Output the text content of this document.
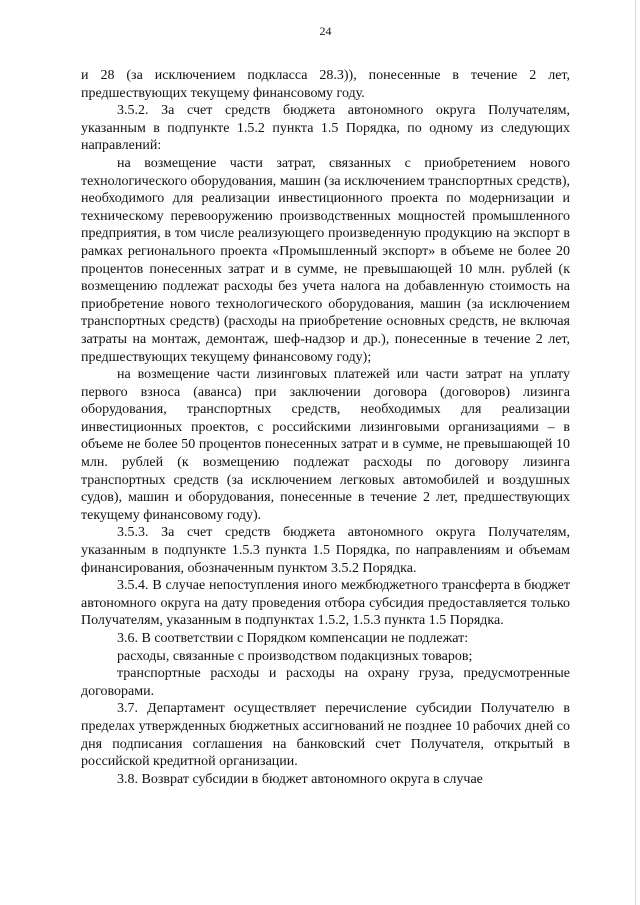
24

и 28 (за исключением подкласса 28.3)), понесенные в течение 2 лет, предшествующих текущему финансовому году.

3.5.2. За счет средств бюджета автономного округа Получателям, указанным в подпункте 1.5.2 пункта 1.5 Порядка, по одному из следующих направлений:

на возмещение части затрат, связанных с приобретением нового технологического оборудования, машин (за исключением транспортных средств), необходимого для реализации инвестиционного проекта по модернизации и техническому перевооружению производственных мощностей промышленного предприятия, в том числе реализующего произведенную продукцию на экспорт в рамках регионального проекта «Промышленный экспорт» в объеме не более 20 процентов понесенных затрат и в сумме, не превышающей 10 млн. рублей (к возмещению подлежат расходы без учета налога на добавленную стоимость на приобретение нового технологического оборудования, машин (за исключением транспортных средств) (расходы на приобретение основных средств, не включая затраты на монтаж, демонтаж, шеф-надзор и др.), понесенные в течение 2 лет, предшествующих текущему финансовому году);

на возмещение части лизинговых платежей или части затрат на уплату первого взноса (аванса) при заключении договора (договоров) лизинга оборудования, транспортных средств, необходимых для реализации инвестиционных проектов, с российскими лизинговыми организациями – в объеме не более 50 процентов понесенных затрат и в сумме, не превышающей 10 млн. рублей (к возмещению подлежат расходы по договору лизинга транспортных средств (за исключением легковых автомобилей и воздушных судов), машин и оборудования, понесенные в течение 2 лет, предшествующих текущему финансовому году).

3.5.3. За счет средств бюджета автономного округа Получателям, указанным в подпункте 1.5.3 пункта 1.5 Порядка, по направлениям и объемам финансирования, обозначенным пунктом 3.5.2 Порядка.

3.5.4. В случае непоступления иного межбюджетного трансферта в бюджет автономного округа на дату проведения отбора субсидия предоставляется только Получателям, указанным в подпунктах 1.5.2, 1.5.3 пункта 1.5 Порядка.

3.6. В соответствии с Порядком компенсации не подлежат:

расходы, связанные с производством подакцизных товаров;

транспортные расходы и расходы на охрану груза, предусмотренные договорами.

3.7. Департамент осуществляет перечисление субсидии Получателю в пределах утвержденных бюджетных ассигнований не позднее 10 рабочих дней со дня подписания соглашения на банковский счет Получателя, открытый в российской кредитной организации.

3.8. Возврат субсидии в бюджет автономного округа в случае
